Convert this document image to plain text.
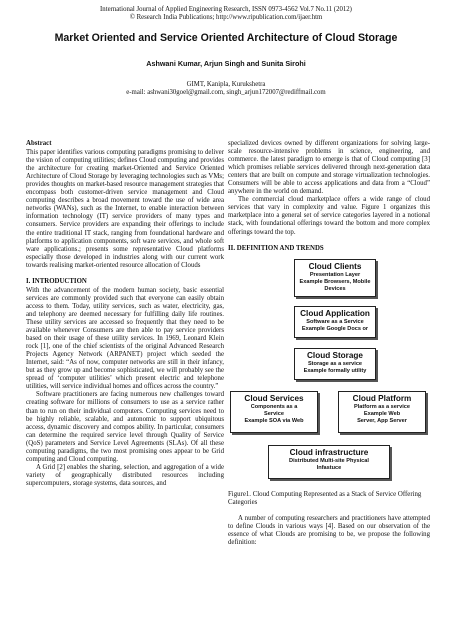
International Journal of Applied Engineering Research, ISSN 0973-4562 Vol.7 No.11 (2012)
© Research India Publications; http://www.ripublication.com/ijaer.htm
Market Oriented and Service Oriented Architecture of Cloud Storage
Ashwani Kumar, Arjun Singh and Sunita Sirohi
GIMT, Kanipla, Kurukshetra
e-mail: ashwani30goel@gmail.com, singh_arjun172007@rediffmail.com
Abstract

This paper identifies various computing paradigms promising to deliver the vision of computing utilities; defines Cloud computing and provides the architecture for creating market-Oriented and Service Oriented Architecture of Cloud Storage by leveraging technologies such as VMs; provides thoughts on market-based resource management strategies that encompass both customer-driven service management and Cloud computing describes a broad movement toward the use of wide area networks (WANs), such as the Internet, to enable interaction between information technology (IT) service providers of many types and consumers. Service providers are expanding their offerings to include the entire traditional IT stack, ranging from foundational hardware and platforms to application components, soft ware services, and whole soft ware applications.; presents some representative Cloud platforms especially those developed in industries along with our current work towards realising market-oriented resource allocation of Clouds

I. INTRODUCTION

With the advancement of the modern human society, basic essential services are commonly provided such that everyone can easily obtain access to them. Today, utility services, such as water, electricity, gas, and telephony are deemed necessary for fulfilling daily life routines. These utility services are accessed so frequently that they need to be available whenever Consumers are then able to pay service providers based on their usage of these utility services. In 1969, Leonard Klein rock [1], one of the chief scientists of the original Advanced Research Projects Agency Network (ARPANET) project which seeded the Internet, said: “As of now, computer networks are still in their infancy, but as they grow up and become sophisticated, we will probably see the spread of ‘computer utilities’ which present electric and telephone utilities, will service individual homes and offices across the country.”

Software practitioners are facing numerous new challenges toward creating software for millions of consumers to use as a service rather than to run on their individual computers. Computing services need to be highly reliable, scalable, and autonomic to support ubiquitous access, dynamic discovery and compos ability. In particular, consumers can determine the required service level through Quality of Service (QoS) parameters and Service Level Agreements (SLAs). Of all these computing paradigms, the two most promising ones appear to be Grid computing and Cloud computing.

A Grid [2] enables the sharing, selection, and aggregation of a wide variety of geographically distributed resources including supercomputers, storage systems, data sources, and

specialized devices owned by different organizations for solving large-scale resource-intensive problems in science, engineering, and commerce. the latest paradigm to emerge is that of Cloud computing [3] which promises reliable services delivered through next-generation data centers that are built on compute and storage virtualization technologies. Consumers will be able to access applications and data from a “Cloud” anywhere in the world on demand.

The commercial cloud marketplace offers a wide range of cloud services that vary in complexity and value. Figure 1 organizes this marketplace into a general set of service categories layered in a notional stack, with foundational offerings toward the bottom and more complex offerings toward the top.

II. DEFINITION AND TRENDS
Cloud Clients
Presentation Layer
Example Browsers, Mobile
Devices
Cloud Application
Software as a Service
Example Google Docs or
Cloud Storage
Storage as a service
Example formally utility
Cloud Services
Components as a
Service
Example SOA via Web
Cloud Platform
Platform as a service
Example Web
Server, App Server
Cloud infrastructure
Distributed Multi-site Physical
Infastuce
Figure1. Cloud Computing Represented as a Stack of Service Offering Categories

A number of computing researchers and practitioners have attempted to define Clouds in various ways [4]. Based on our observation of the essence of what Clouds are promising to be, we propose the following definition:
